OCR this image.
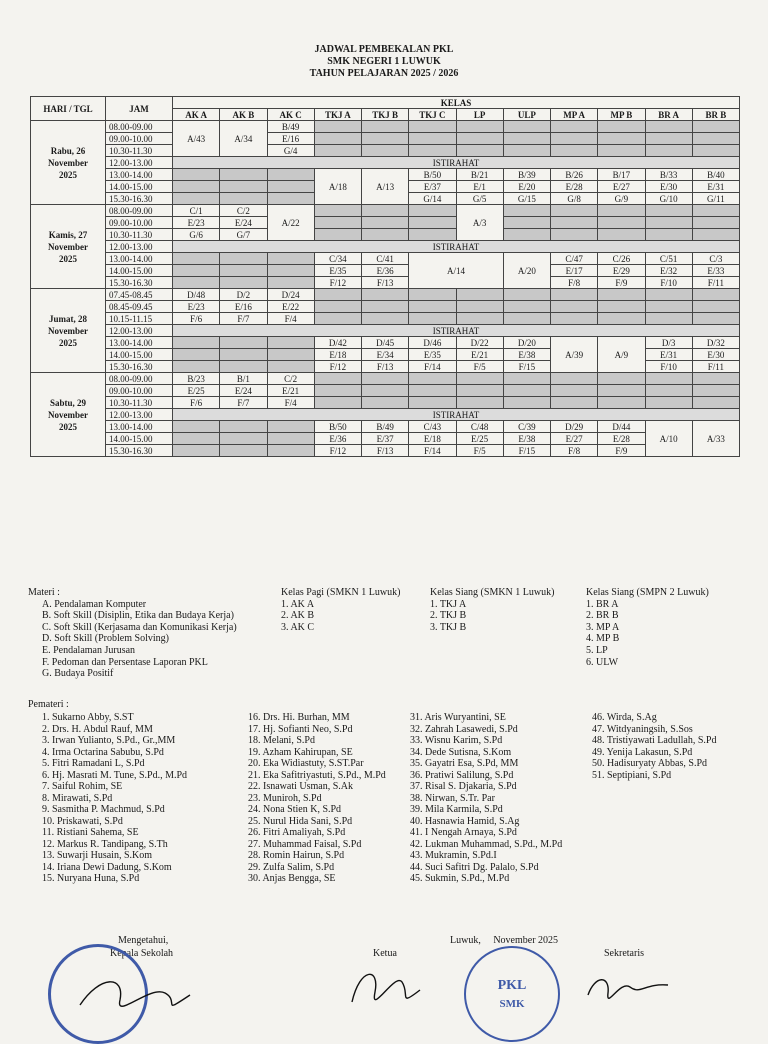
JADWAL PEMBEKALAN PKL
SMK NEGERI 1 LUWUK
TAHUN PELAJARAN 2025 / 2026
HARI / TGL	JAM	KELAS											
		AK A	AK B	AK C	TKJ A	TKJ B	TKJ C	LP	ULP	MP A	MP B	BR A	BR B
Rabu, 26
November
2025	08.00-09.00	A/43	A/34	B/49									
	09.00-10.00			E/16									
	10.30-11.30			G/4									
	12.00-13.00	ISTIRAHAT											
	13.00-14.00				A/18	A/13	B/50	B/21	B/39	B/26	B/17	B/33	B/40
	14.00-15.00						E/37	E/1	E/20	E/28	E/27	E/30	E/31
	15.30-16.30						G/14	G/5	G/15	G/8	G/9	G/10	G/11
Kamis, 27
November
2025	08.00-09.00	C/1	C/2	A/22				A/3					
	09.00-10.00	E/23	E/24										
	10.30-11.30	G/6	G/7										
	12.00-13.00	ISTIRAHAT											
	13.00-14.00				C/34	C/41	A/14		A/20	C/47	C/26	C/51	C/3
	14.00-15.00				E/35	E/36				E/17	E/29	E/32	E/33
	15.30-16.30				F/12	F/13				F/8	F/9	F/10	F/11
Jumat, 28
November
2025	07.45-08.45	D/48	D/2	D/24									
	08.45-09.45	E/23	E/16	E/22									
	10.15-11.15	F/6	F/7	F/4									
	12.00-13.00	ISTIRAHAT											
	13.00-14.00				D/42	D/45	D/46	D/22	D/20	A/39	A/9	D/3	D/32
	14.00-15.00				E/18	E/34	E/35	E/21	E/38			E/31	E/30
	15.30-16.30				F/12	F/13	F/14	F/5	F/15			F/10	F/11
Sabtu, 29
November
2025	08.00-09.00	B/23	B/1	C/2									
	09.00-10.00	E/25	E/24	E/21									
	10.30-11.30	F/6	F/7	F/4									
	12.00-13.00	ISTIRAHAT											
	13.00-14.00				B/50	B/49	C/43	C/48	C/39	D/29	D/44	A/10	A/33
	14.00-15.00				E/36	E/37	E/18	E/25	E/38	E/27	E/28		
	15.30-16.30				F/12	F/13	F/14	F/5	F/15	F/8	F/9		
Materi :
A. Pendalaman Komputer
B. Soft Skill (Disiplin, Etika dan Budaya Kerja)
C. Soft Skill (Kerjasama dan Komunikasi Kerja)
D. Soft Skill (Problem Solving)
E. Pendalaman Jurusan
F. Pedoman dan Persentase Laporan PKL
G. Budaya Positif
Kelas Pagi (SMKN 1 Luwuk)
1. AK A
2. AK B
3. AK C
Kelas Siang (SMKN 1 Luwuk)
1. TKJ A
2. TKJ B
3. TKJ B
Kelas Siang (SMPN 2 Luwuk)
1. BR A
2. BR B
3. MP A
4. MP B
5. LP
6. ULW
Pemateri :
1. Sukarno Abby, S.ST
2. Drs. H. Abdul Rauf, MM
3. Irwan Yulianto, S.Pd., Gr.,MM
4. Irma Octarina Sabubu, S.Pd
5. Fitri Ramadani L, S.Pd
6. Hj. Masrati M. Tune, S.Pd., M.Pd
7. Saiful Rohim, SE
8. Mirawati, S.Pd
9. Sasmitha P. Machmud, S.Pd
10. Priskawati, S.Pd
11. Ristiani Sahema, SE
12. Markus R. Tandipang, S.Th
13. Suwarji Husain, S.Kom
14. Iriana Dewi Dadung, S.Kom
15. Nuryana Huna, S.Pd
16. Drs. Hi. Burhan, MM
17. Hj. Sofianti Neo, S.Pd
18. Melani, S.Pd
19. Azham Kahirupan, SE
20. Eka Widiastuty, S.ST.Par
21. Eka Safitriyastuti, S.Pd., M.Pd
22. Isnawati Usman, S.Ak
23. Muniroh, S.Pd
24. Nona Stien K, S.Pd
25. Nurul Hida Sani, S.Pd
26. Fitri Amaliyah, S.Pd
27. Muhammad Faisal, S.Pd
28. Romin Hairun, S.Pd
29. Zulfa Salim, S.Pd
30. Anjas Bengga, SE
31. Aris Wuryantini, SE
32. Zahrah Lasawedi, S.Pd
33. Wisnu Karim, S.Pd
34. Dede Sutisna, S.Kom
35. Gayatri Esa, S.Pd, MM
36. Pratiwi Salilung, S.Pd
37. Risal S. Djakaria, S.Pd
38. Nirwan, S.Tr. Par
39. Mila Karmila, S.Pd
40. Hasnawia Hamid, S.Ag
41. I Nengah Arnaya, S.Pd
42. Lukman Muhammad, S.Pd., M.Pd
43. Mukramin, S.Pd.I
44. Suci Safitri Dg. Palalo, S.Pd
45. Sukmin, S.Pd., M.Pd
46. Wirda, S.Ag
47. Witdyaningsih, S.Sos
48. Tristiyawati Ladullah, S.Pd
49. Yenija Lakasun, S.Pd
50. Hadisuryaty Abbas, S.Pd
51. Septipiani, S.Pd
Mengetahui,
Kepala Sekolah	Ketua
Luwuk,     November 2025
Sekretaris
PKL
SMK
